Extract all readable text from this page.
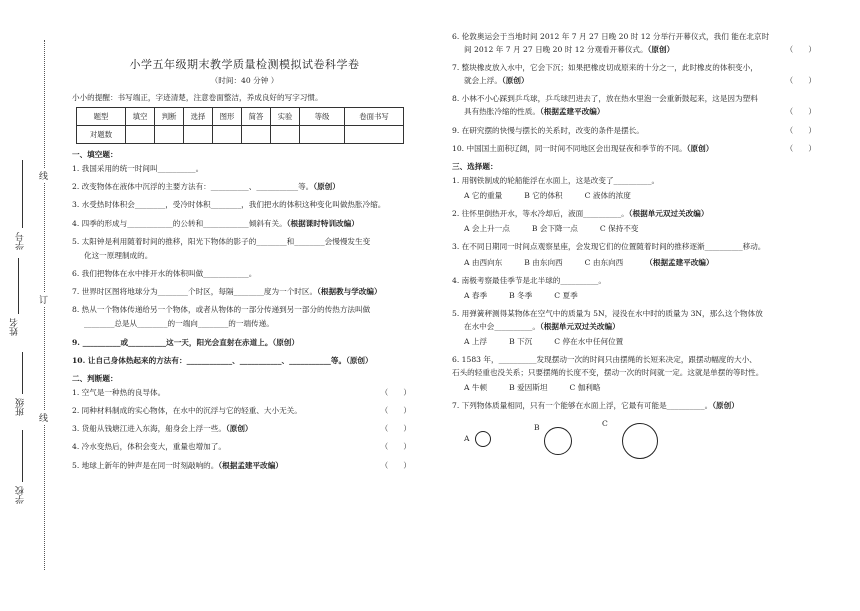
线
订
线
学号
姓名
班级
学校
小学五年级期末教学质量检测模拟试卷科学卷
（时间：40 分钟 ）
小小的提醒：书写端正，字迹清楚，注意卷面整洁，养成良好的写字习惯。
题型	填空	判断	选择	图形	简答	实验	等级	卷面书写
对题数								
一、填空题：
1. 我国采用的统一时间叫__________。
2. 改变物体在液体中沉浮的主要方法有：__________、___________等。（原创）
3. 水受热时体积会________，受冷时体积________，我们把水的体积这种变化叫做热胀冷缩。
4. 四季的形成与____________的公转和____________倾斜有关。（根据课时特训改编）
5. 太阳钟是利用随着时间的推移，阳光下物体的影子的________和________会慢慢发生变
化这一原理制成的。
6. 我们把物体在水中排开水的体积叫做____________。
7. 世界时区图将地球分为________个时区，每隔________度为一个时区。（根据教与学改编）
8. 热从一个物体传递给另一个物体，或者从物体的一部分传递到另一部分的传热方法叫做
________总是从________的一端向________的一端传递。
9. __________或__________这一天，阳光会直射在赤道上。（原创）
10. 让自己身体热起来的方法有：____________、___________、___________等。（原创）
二、判断题：
1. 空气是一种热的良导体。	（　　）
2. 同种材料制成的实心物体，在水中的沉浮与它的轻重、大小无关。	（　　）
3. 货船从钱塘江进入东海，船身会上浮一些。（原创）	（　　）
4. 冷水变热后，体积会变大，重量也增加了。	（　　）
5. 地球上新年的钟声是在同一时刻敲响的。（根据孟建平改编）	（　　）
6. 伦敦奥运会于当地时间 2012 年 7 月 27 日晚 20 时 12 分举行开幕仪式，我们 能在北京时
间 2012 年 7 月 27 日晚 20 时 12 分观看开幕仪式。（原创）	（　　）
7. 整块橡皮放入水中，它会下沉；如果把橡皮切成原来的十分之一，此时橡皮的体积变小，
就会上浮。（原创）	（　　）
8. 小林不小心踩到乒乓球，乒乓球凹进去了，放在热水里泡一会重新鼓起来，这是因为塑料
具有热胀冷缩的性质。（根据孟建平改编）	（　　）
9. 在研究摆的快慢与摆长的关系时，改变的条件是摆长。	（　　）
10. 中国国土面积辽阔，同一时间不同地区会出现昼夜和季节的不同。（原创）	（　　）
三、选择题：
1. 用钢铁制成的轮船能浮在水面上，这是改变了__________。
A 它的重量	B 它的体积	C 液体的浓度
2. 往怀里倒热开水，等水冷却后，液面__________。（根据单元双过关改编）
A 会上升一点	B 会下降一点	C 保持不变
3. 在不同日期同一时间点观察星座，会发现它们的位置随着时间的推移逐渐__________移动。
A 由西向东	B 由东向西	C 由东向西	（根据孟建平改编）
4. 南极考察最佳季节是北半球的__________。
A 春季	B 冬季	C 夏季
5. 用弹簧秤测得某物体在空气中的质量为 5N，浸没在水中时的质量为 3N，那么这个物体放
在水中会__________。（根据单元双过关改编）
A 上浮	B 下沉	C 停在水中任何位置
6. 1583 年，__________发现摆动一次的时间只由摆绳的长短来决定，跟摆动幅度的大小、
石头的轻重也没关系；只要摆绳的长度不变，摆动一次的时间就一定。这就是单摆的等时性。
A 牛顿	B 爱因斯坦	C 伽利略
7. 下列物体质量相同，只有一个能够在水面上浮，它最有可能是__________。（原创）
A
B	C
